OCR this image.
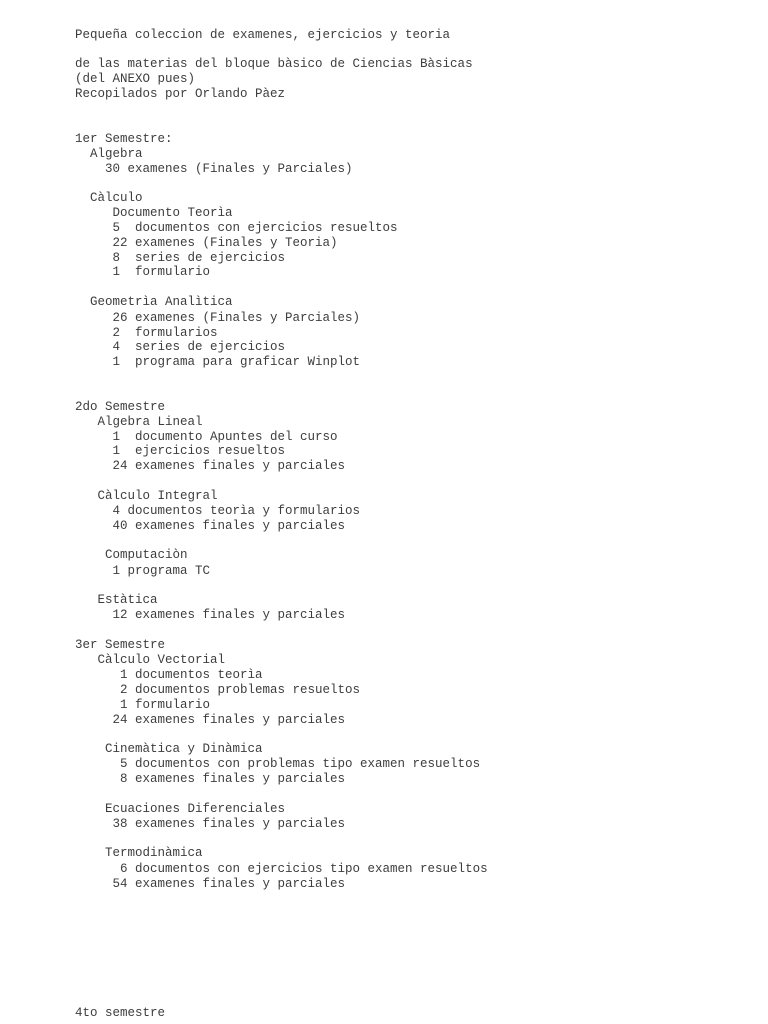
Pequeña coleccion de examenes, ejercicios y teoria
de las materias del bloque bàsico de Ciencias Bàsicas
(del ANEXO pues)
Recopilados por Orlando Pàez
1er Semestre:
Algebra
30 examenes (Finales y Parciales)
Càlculo
Documento Teorìa
5  documentos con ejercicios resueltos
22 examenes (Finales y Teoria)
8  series de ejercicios
1  formulario
Geometrìa Analìtica
26 examenes (Finales y Parciales)
2  formularios
4  series de ejercicios
1  programa para graficar Winplot
2do Semestre
Algebra Lineal
1  documento Apuntes del curso
1  ejercicios resueltos
24 examenes finales y parciales
Càlculo Integral
4 documentos teorìa y formularios
40 examenes finales y parciales
Computaciòn
1 programa TC
Estàtica
12 examenes finales y parciales
3er Semestre
Càlculo Vectorial
1 documentos teorìa
2 documentos problemas resueltos
1 formulario
24 examenes finales y parciales
Cinemàtica y Dinàmica
5 documentos con problemas tipo examen resueltos
8 examenes finales y parciales
Ecuaciones Diferenciales
38 examenes finales y parciales
Termodinàmica
6 documentos con ejercicios tipo examen resueltos
54 examenes finales y parciales
4to semestre
